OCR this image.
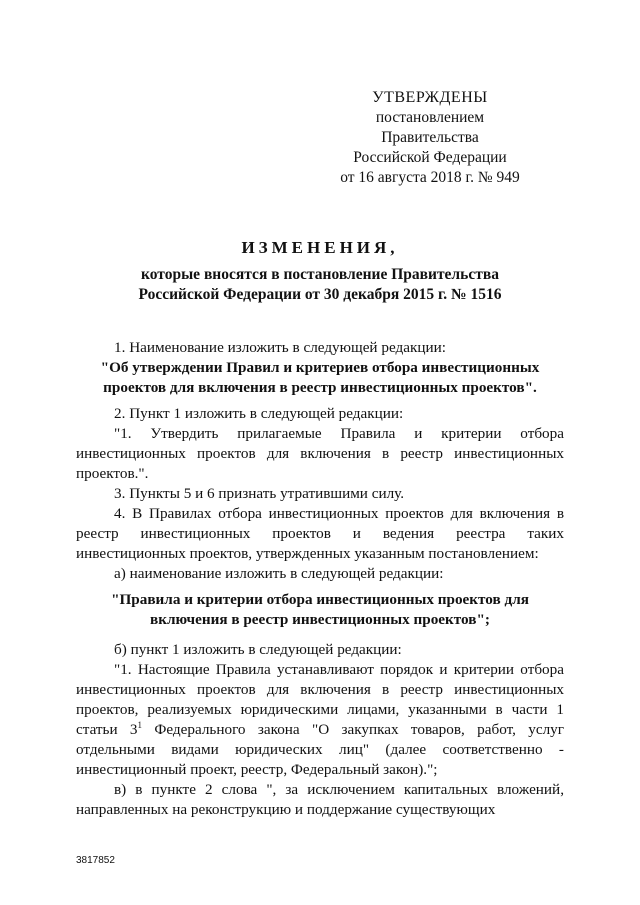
УТВЕРЖДЕНЫ
постановлением Правительства
Российской Федерации
от 16 августа 2018 г. № 949
ИЗМЕНЕНИЯ,
которые вносятся в постановление Правительства
Российской Федерации от 30 декабря 2015 г. № 1516

1. Наименование изложить в следующей редакции:

"Об утверждении Правил и критериев отбора инвестиционных проектов для включения в реестр инвестиционных проектов".

2. Пункт 1 изложить в следующей редакции:

"1. Утвердить прилагаемые Правила и критерии отбора инвестиционных проектов для включения в реестр инвестиционных проектов.".

3. Пункты 5 и 6 признать утратившими силу.

4. В Правилах отбора инвестиционных проектов для включения в реестр инвестиционных проектов и ведения реестра таких инвестиционных проектов, утвержденных указанным постановлением:

а) наименование изложить в следующей редакции:

"Правила и критерии отбора инвестиционных проектов для включения в реестр инвестиционных проектов";

б) пункт 1 изложить в следующей редакции:

"1. Настоящие Правила устанавливают порядок и критерии отбора инвестиционных проектов для включения в реестр инвестиционных проектов, реализуемых юридическими лицами, указанными в части 1 статьи $3^1$ Федерального закона "О закупках товаров, работ, услуг отдельными видами юридических лиц" (далее соответственно - инвестиционный проект, реестр, Федеральный закон).";

в) в пункте 2 слова ", за исключением капитальных вложений, направленных на реконструкцию и поддержание существующих

3817852
